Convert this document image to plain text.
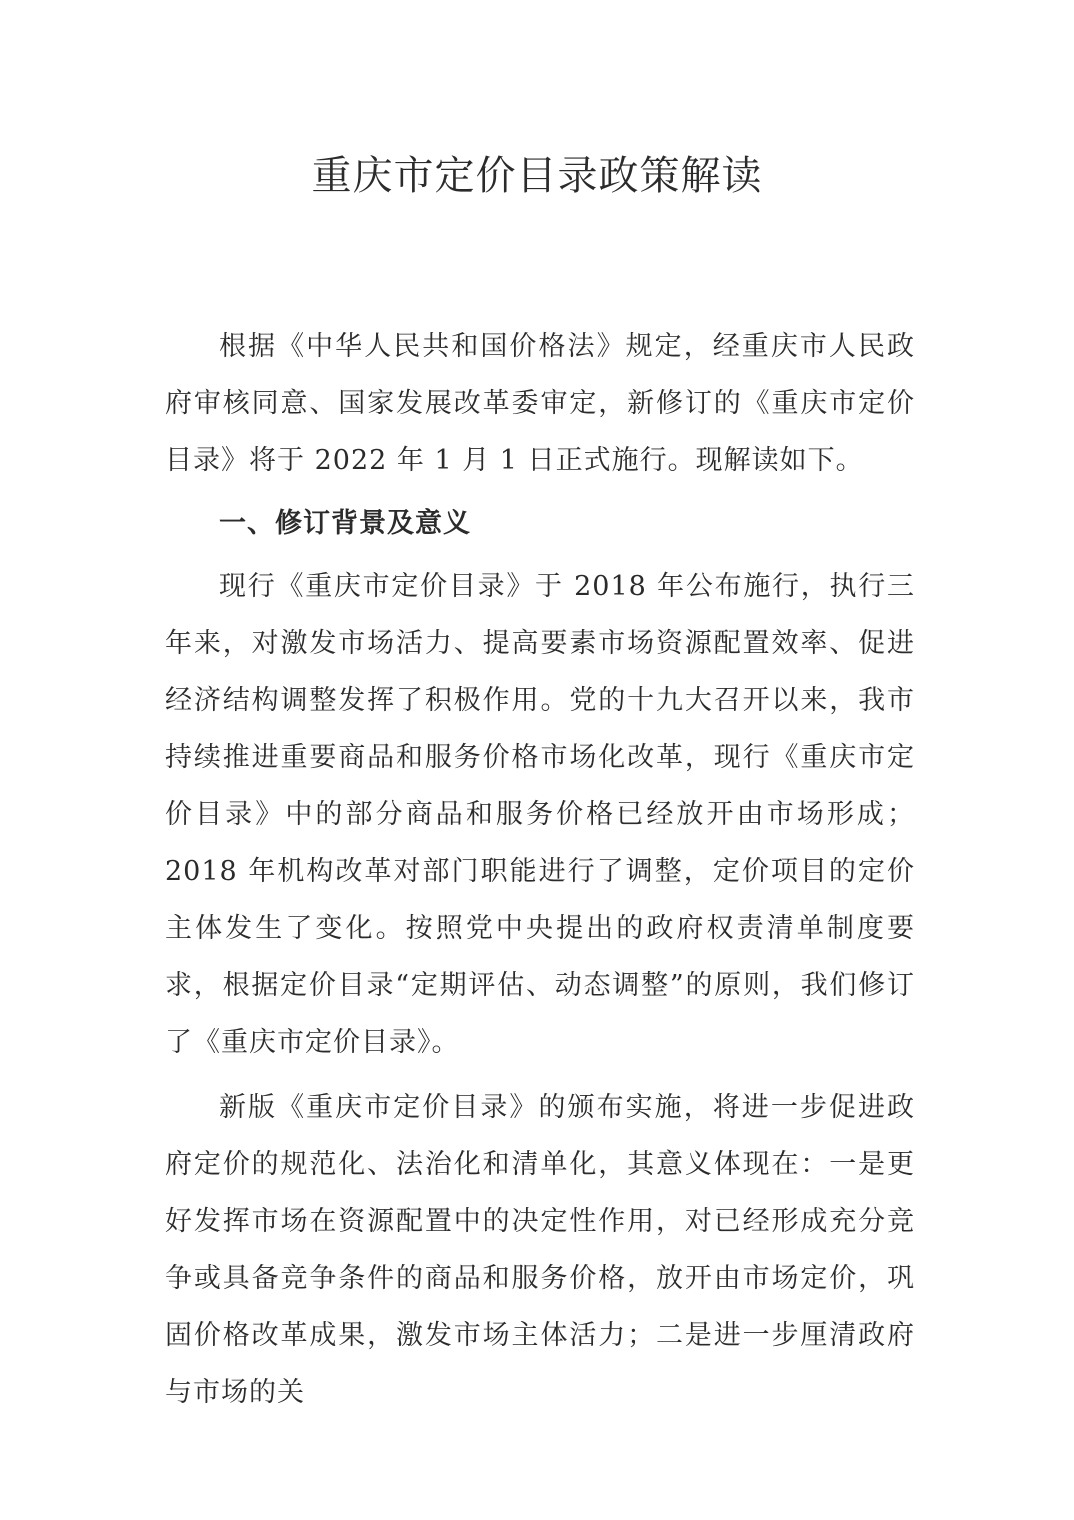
重庆市定价目录政策解读

根据《中华人民共和国价格法》规定，经重庆市人民政府审核同意、国家发展改革委审定，新修订的《重庆市定价目录》将于 2022 年 1 月 1 日正式施行。现解读如下。

一、修订背景及意义

现行《重庆市定价目录》于 2018 年公布施行，执行三年来，对激发市场活力、提高要素市场资源配置效率、促进经济结构调整发挥了积极作用。党的十九大召开以来，我市持续推进重要商品和服务价格市场化改革，现行《重庆市定价目录》中的部分商品和服务价格已经放开由市场形成；2018 年机构改革对部门职能进行了调整，定价项目的定价主体发生了变化。按照党中央提出的政府权责清单制度要求，根据定价目录“定期评估、动态调整”的原则，我们修订了《重庆市定价目录》。

新版《重庆市定价目录》的颁布实施，将进一步促进政府定价的规范化、法治化和清单化，其意义体现在：一是更好发挥市场在资源配置中的决定性作用，对已经形成充分竞争或具备竞争条件的商品和服务价格，放开由市场定价，巩固价格改革成果，激发市场主体活力；二是进一步厘清政府与市场的关
